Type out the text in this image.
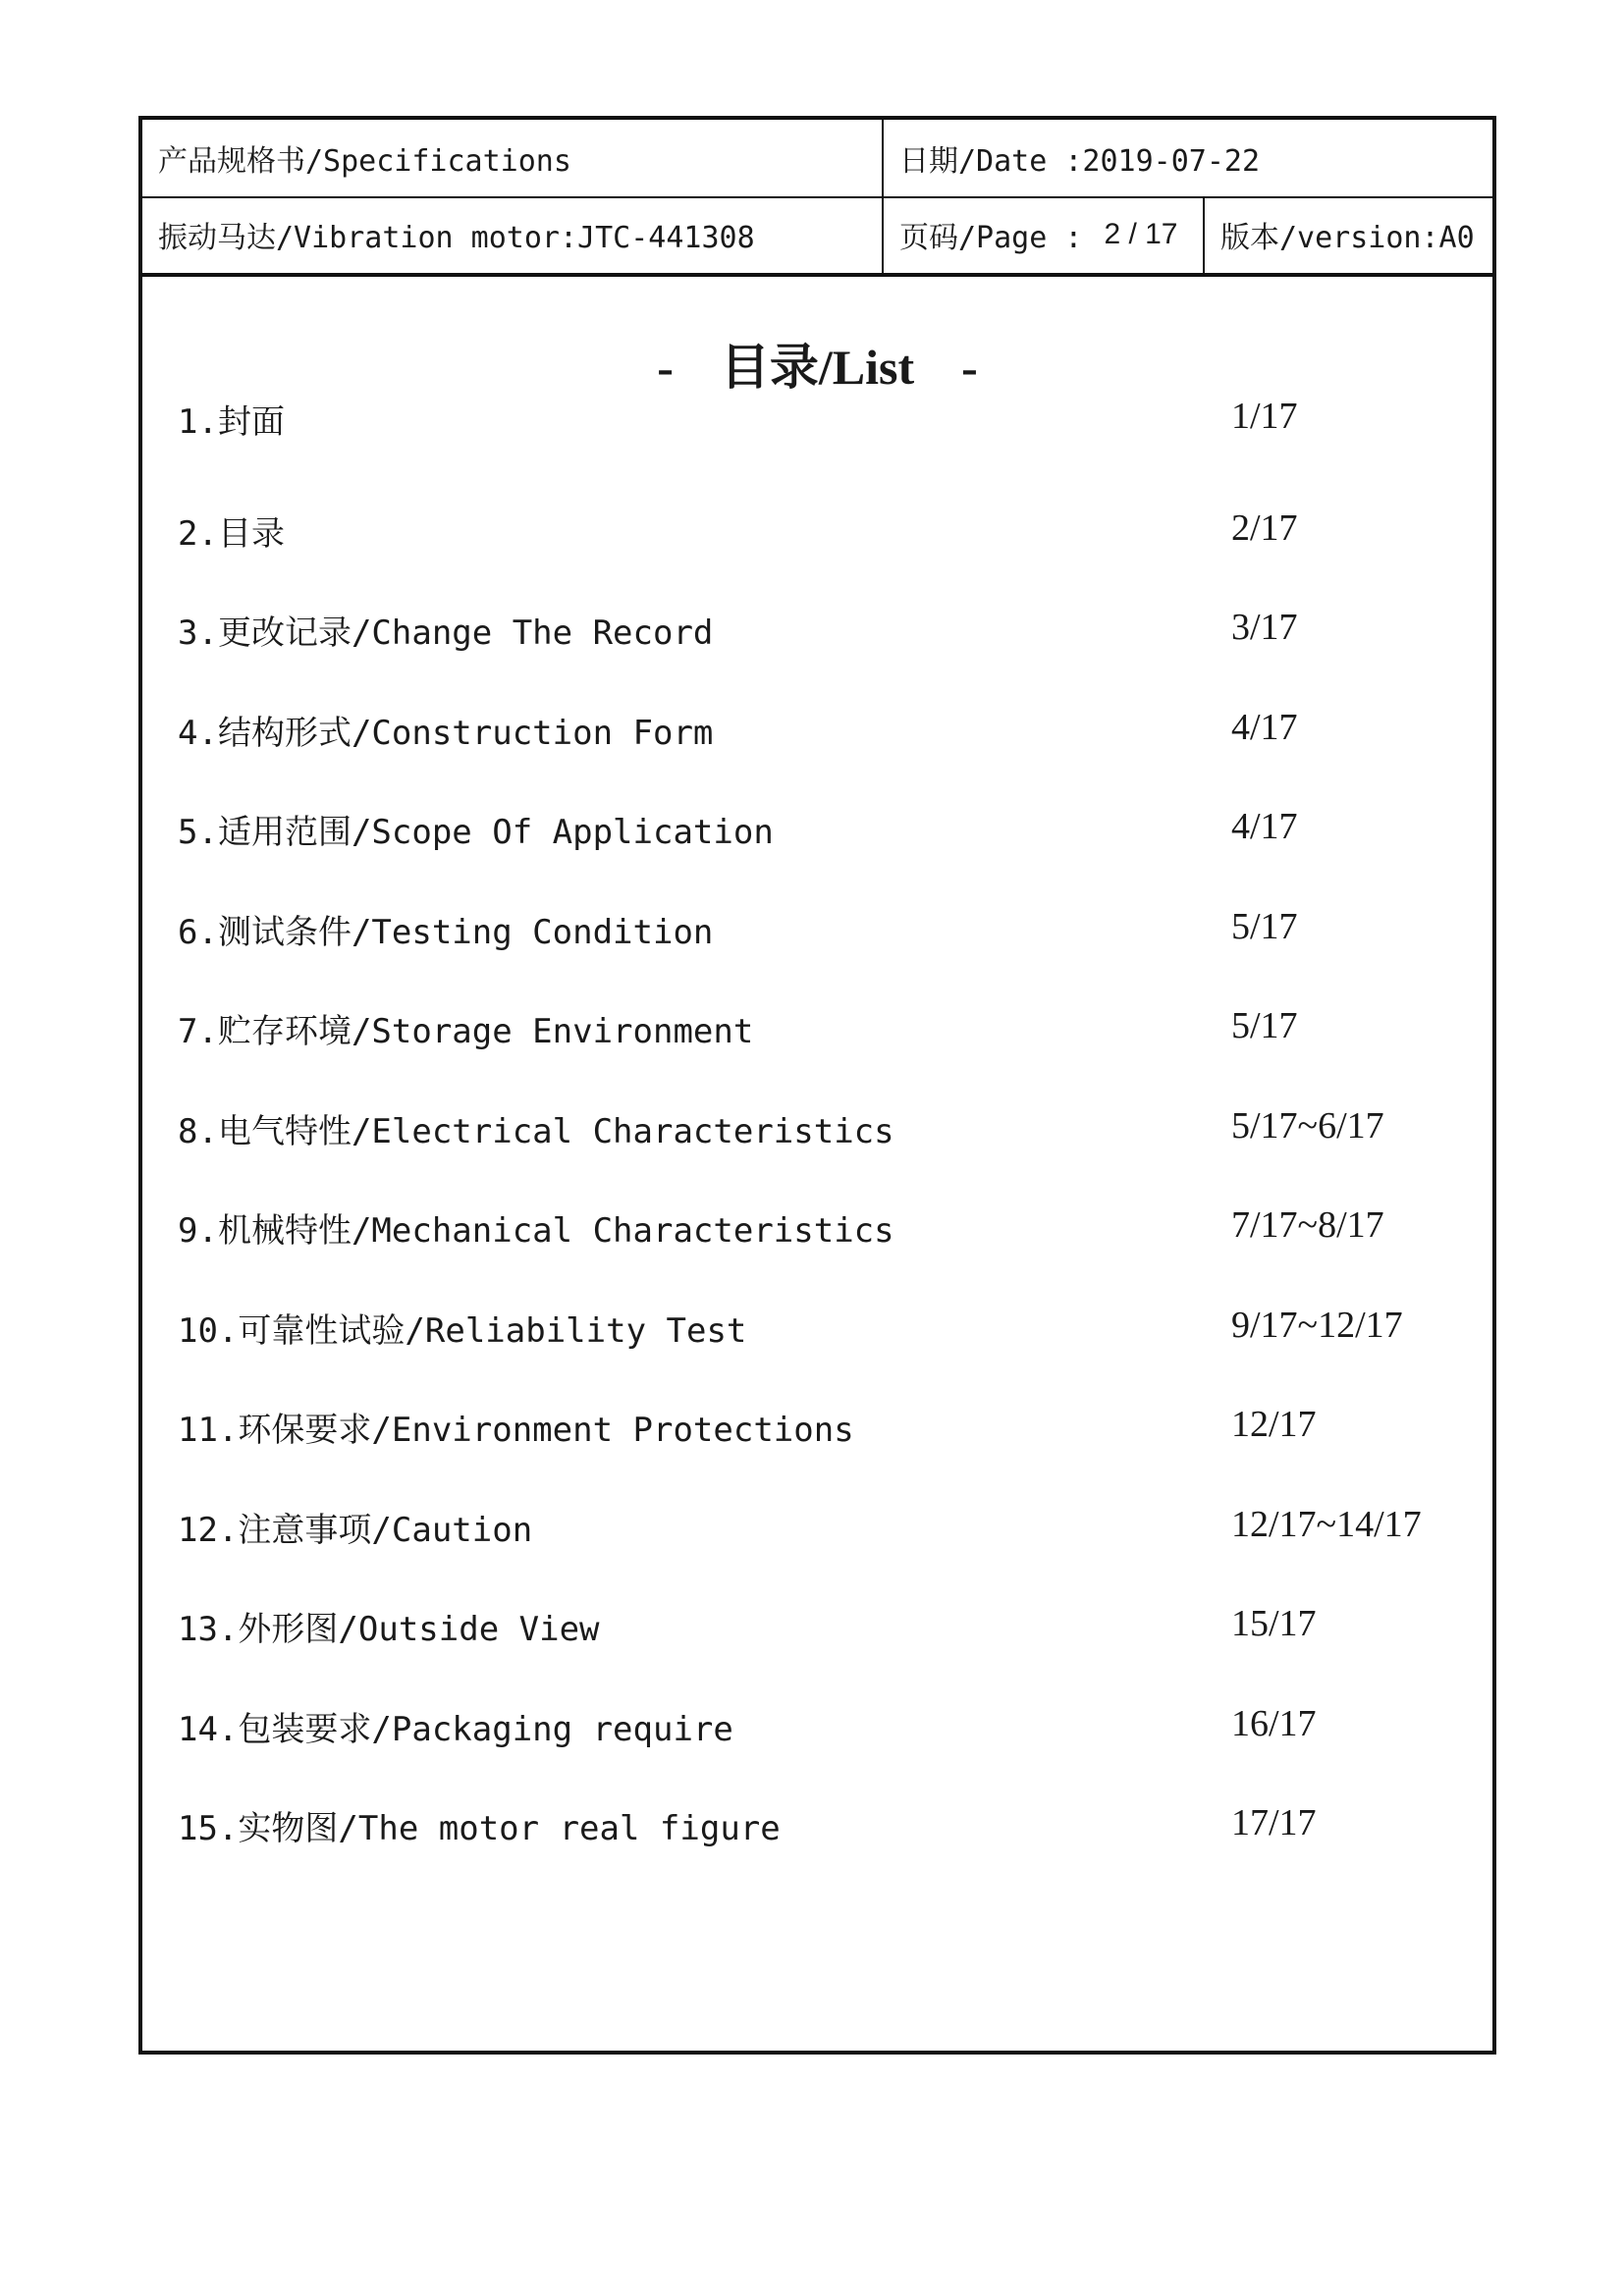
产品规格书/Specifications	日期/Date :2019-07-22
振动马达/Vibration motor:JTC-441308	页码/Page : 2 / 17 版本/version:A0
- 目录/List -
1.封面	1/17
2.目录	2/17
3.更改记录/Change The Record	3/17
4.结构形式/Construction Form	4/17
5.适用范围/Scope Of Application	4/17
6.测试条件/Testing Condition	5/17
7.贮存环境/Storage Environment	5/17
8.电气特性/Electrical Characteristics	5/17~6/17
9.机械特性/Mechanical Characteristics	7/17~8/17
10.可靠性试验/Reliability Test	9/17~12/17
11.环保要求/Environment Protections	12/17
12.注意事项/Caution	12/17~14/17
13.外形图/Outside View	15/17
14.包装要求/Packaging require	16/17
15.实物图/The motor real figure	17/17
